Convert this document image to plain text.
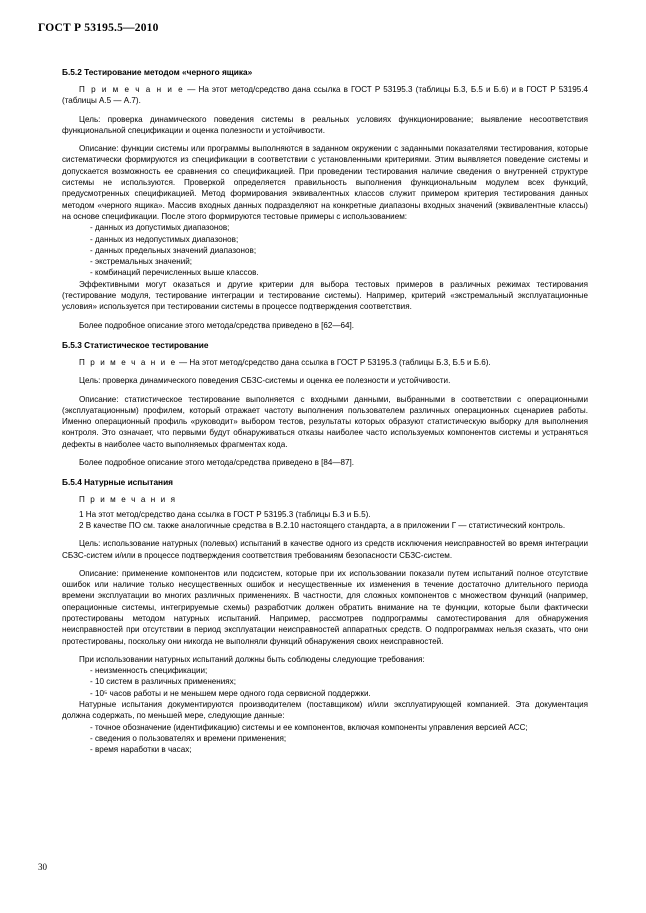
ГОСТ Р 53195.5—2010
Б.5.2 Тестирование методом «черного ящика»

П р и м е ч а н и е — На этот метод/средство дана ссылка в ГОСТ Р 53195.3 (таблицы Б.3, Б.5 и Б.6) и в ГОСТ Р 53195.4 (таблицы А.5 — А.7).

Цель: проверка динамического поведения системы в реальных условиях функционирование; выявление несоответствия функциональной спецификации и оценка полезности и устойчивости.

Описание: функции системы или программы выполняются в заданном окружении с заданными показателями тестирования, которые систематически формируются из спецификации в соответствии с установленными критериями. Этим выявляется поведение системы и допускается возможность ее сравнения со спецификацией. При проведении тестирования наличие сведения о внутренней структуре системы не используются. Проверкой определяется правильность выполнения функциональным модулем всех функций, предусмотренных спецификацией. Метод формирования эквивалентных классов служит примером критерия тестирования данных методом «черного ящика». Массив входных данных подразделяют на конкретные диапазоны входных значений (эквивалентные классы) на основе спецификации. После этого формируются тестовые примеры с использованием:

- данных из допустимых диапазонов;

- данных из недопустимых диапазонов;

- данных предельных значений диапазонов;

- экстремальных значений;

- комбинаций перечисленных выше классов.

Эффективными могут оказаться и другие критерии для выбора тестовых примеров в различных режимах тестирования (тестирование модуля, тестирование интеграции и тестирование системы). Например, критерий «экстремальный эксплуатационные условия» используется при тестировании системы в процессе подтверждения соответствия.

Более подробное описание этого метода/средства приведено в [62—64].

Б.5.3 Статистическое тестирование

П р и м е ч а н и е — На этот метод/средство дана ссылка в ГОСТ Р 53195.3 (таблицы Б.3, Б.5 и Б.6).

Цель: проверка динамического поведения СБЗС-системы и оценка ее полезности и устойчивости.

Описание: статистическое тестирование выполняется с входными данными, выбранными в соответствии с операционными (эксплуатационным) профилем, который отражает частоту выполнения пользователем различных операционных сценариев работы. Именно операционный профиль «руководит» выбором тестов, результаты которых образуют статистическую выборку для выполнения контроля. Это означает, что первыми будут обнаруживаться отказы наиболее часто используемых компонентов системы и устраняться дефекты в наиболее часто выполняемых фрагментах кода.

Более подробное описание этого метода/средства приведено в [84—87].

Б.5.4 Натурные испытания

П р и м е ч а н и я

1 На этот метод/средство дана ссылка в ГОСТ Р 53195.3 (таблицы Б.3 и Б.5).

2 В качестве ПО см. также аналогичные средства в В.2.10 настоящего стандарта, а в приложении Г — статистический контроль.

Цель: использование натурных (полевых) испытаний в качестве одного из средств исключения неисправностей во время интеграции СБЗС-систем и/или в процессе подтверждения соответствия требованиям безопасности СБЗС-систем.

Описание: применение компонентов или подсистем, которые при их использовании показали путем испытаний полное отсутствие ошибок или наличие только несущественных ошибок и несущественные их изменения в течение достаточно длительного периода времени эксплуатации во многих различных применениях. В частности, для сложных компонентов с множеством функций (например, операционные системы, интегрируемые схемы) разработчик должен обратить внимание на те функции, которые были фактически протестированы методом натурных испытаний. Например, рассмотрев подпрограммы самотестирования для обнаружения неисправностей при отсутствии в период эксплуатации неисправностей аппаратных средств. О подпрограммах нельзя сказать, что они протестированы, поскольку они никогда не выполняли функций обнаружения своих неисправностей.

При использовании натурных испытаний должны быть соблюдены следующие требования:

- неизменность спецификации;

- 10 систем в различных применениях;

- 10⁵ часов работы и не меньшем мере одного года сервисной поддержки.

Натурные испытания документируются производителем (поставщиком) и/или эксплуатирующей компанией. Эта документация должна содержать, по меньшей мере, следующие данные:

- точное обозначение (идентификацию) системы и ее компонентов, включая компоненты управления версией АСС;

- сведения о пользователях и времени применения;

- время наработки в часах;

30
